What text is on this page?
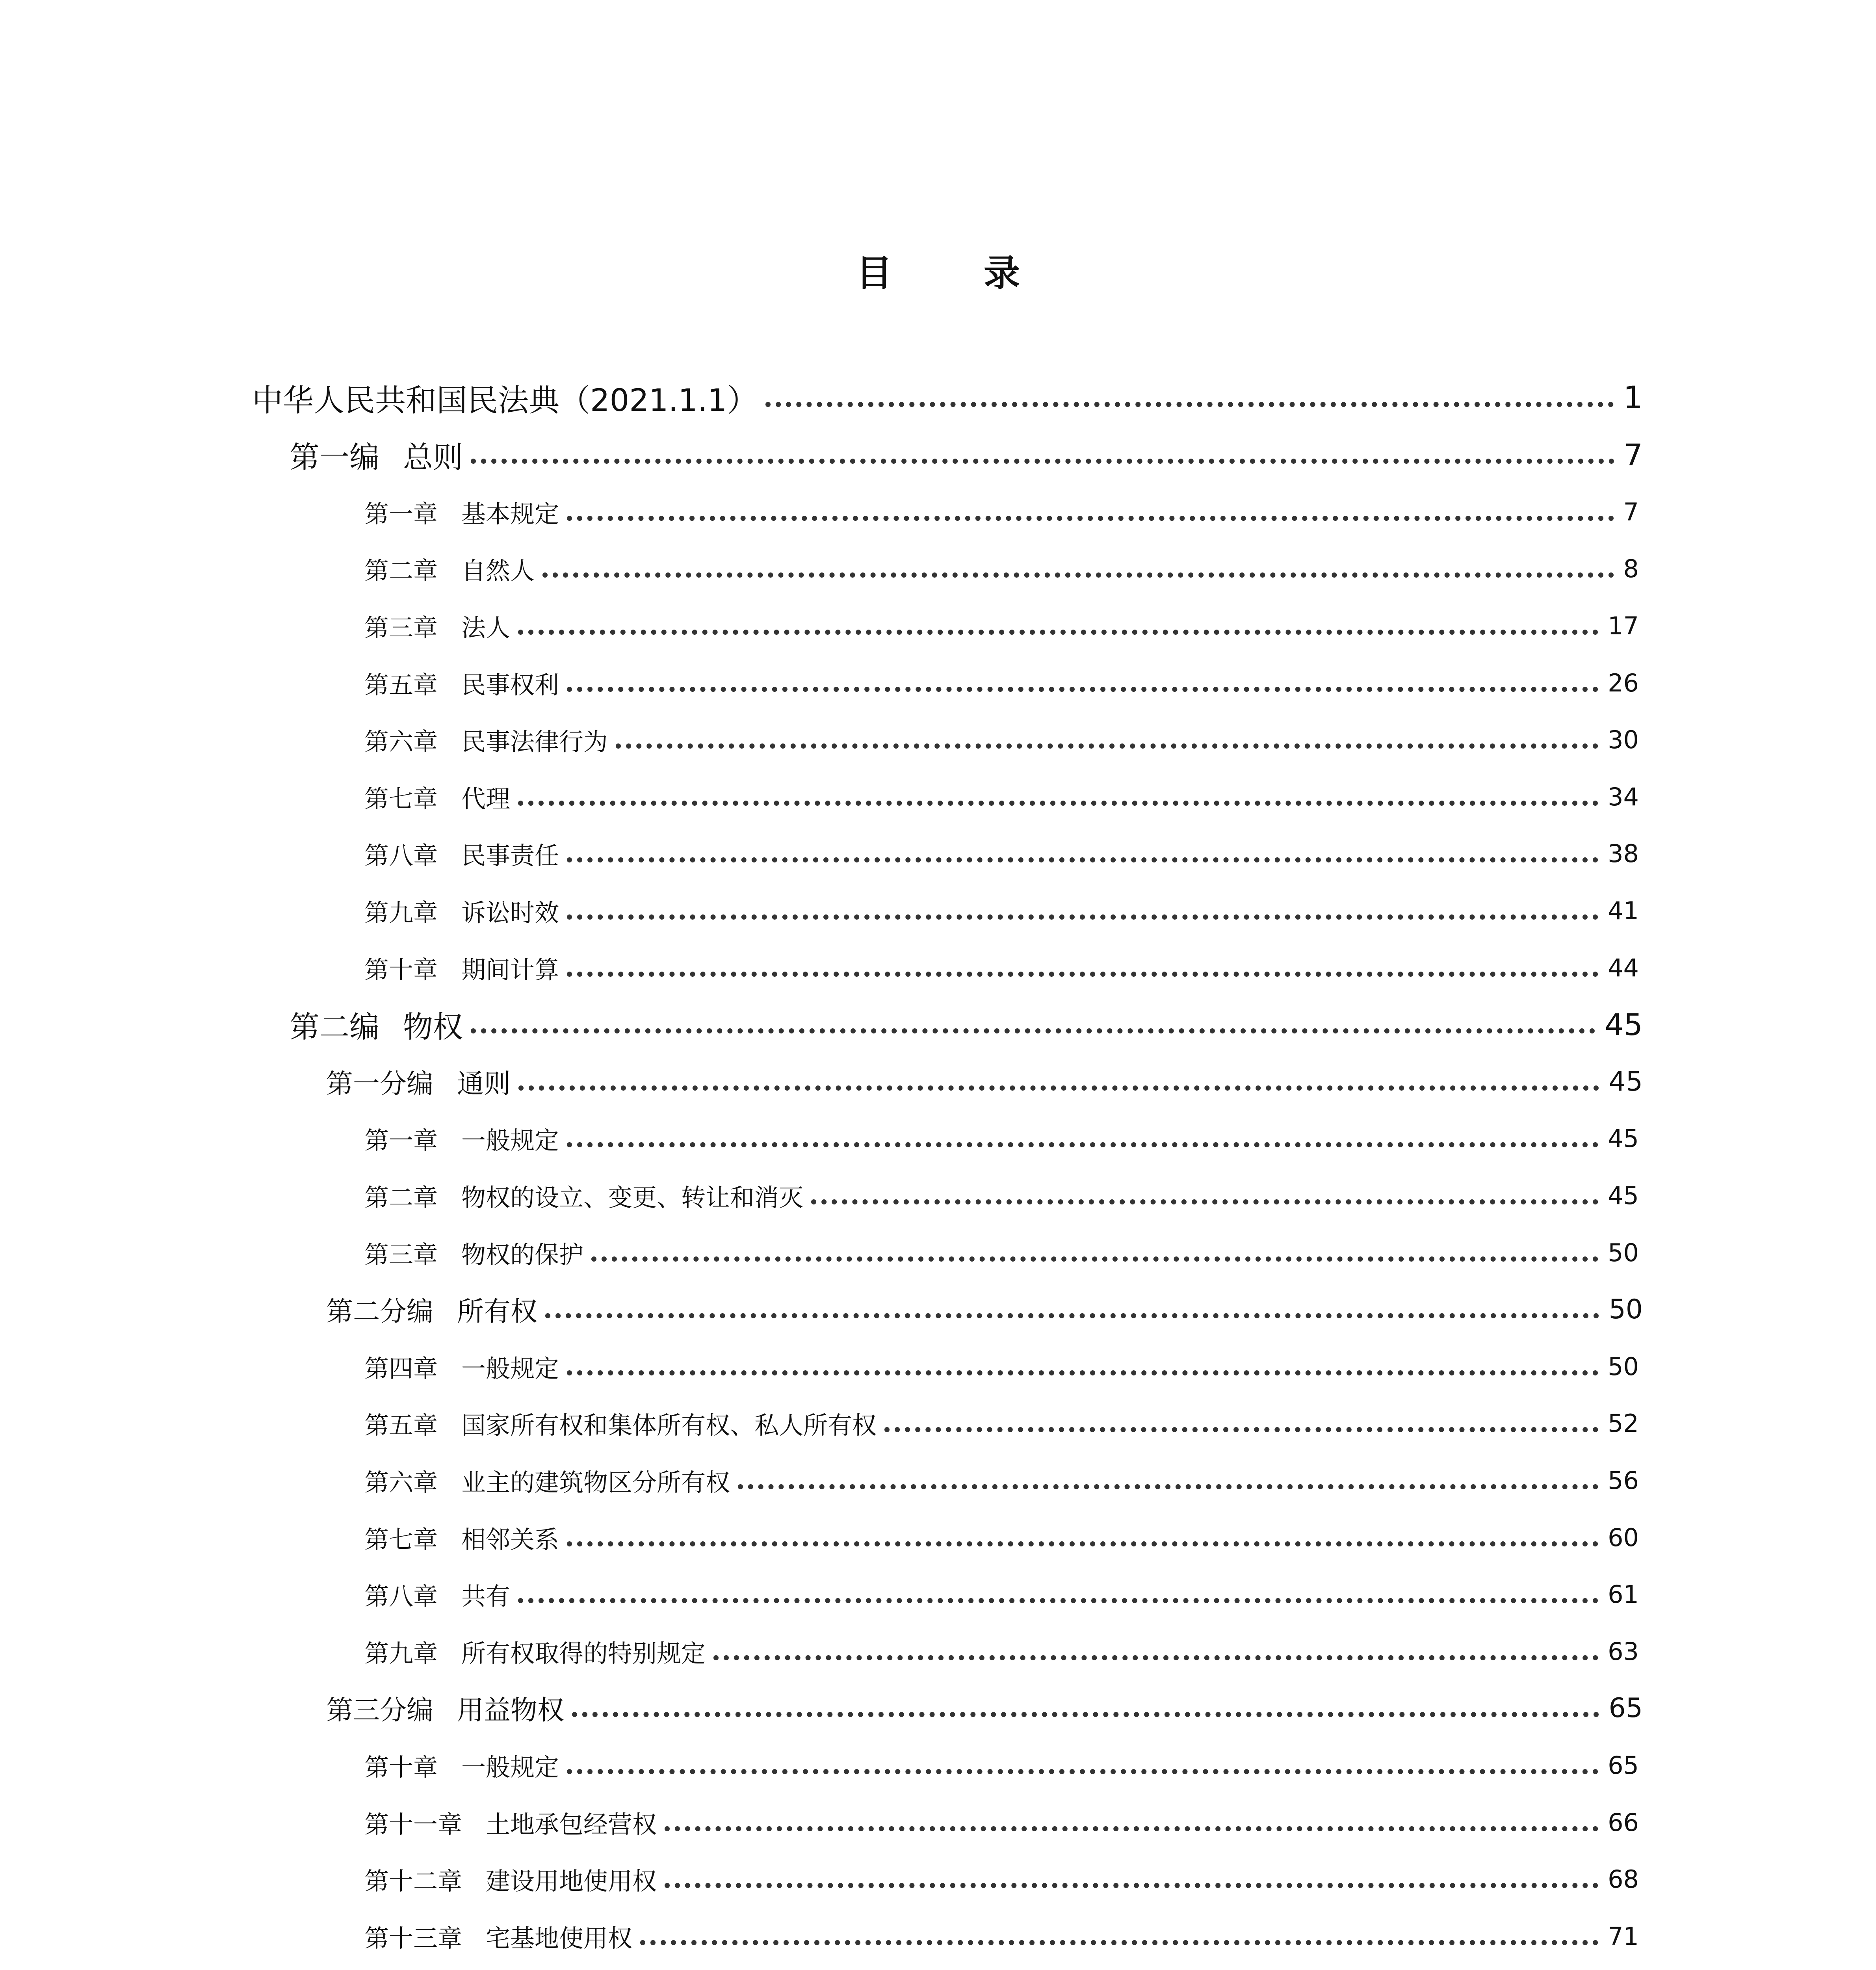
目 录
中华人民共和国民法典（2021.1.1）	1
第一编 总则	7
第一章 基本规定	7
第二章 自然人	8
第三章 法人	17
第五章 民事权利	26
第六章 民事法律行为	30
第七章 代理	34
第八章 民事责任	38
第九章 诉讼时效	41
第十章 期间计算	44
第二编 物权	45
第一分编 通则	45
第一章 一般规定	45
第二章 物权的设立、变更、转让和消灭	45
第三章 物权的保护	50
第二分编 所有权	50
第四章 一般规定	50
第五章 国家所有权和集体所有权、私人所有权	52
第六章 业主的建筑物区分所有权	56
第七章 相邻关系	60
第八章 共有	61
第九章 所有权取得的特别规定	63
第三分编 用益物权	65
第十章 一般规定	65
第十一章 土地承包经营权	66
第十二章 建设用地使用权	68
第十三章 宅基地使用权	71
